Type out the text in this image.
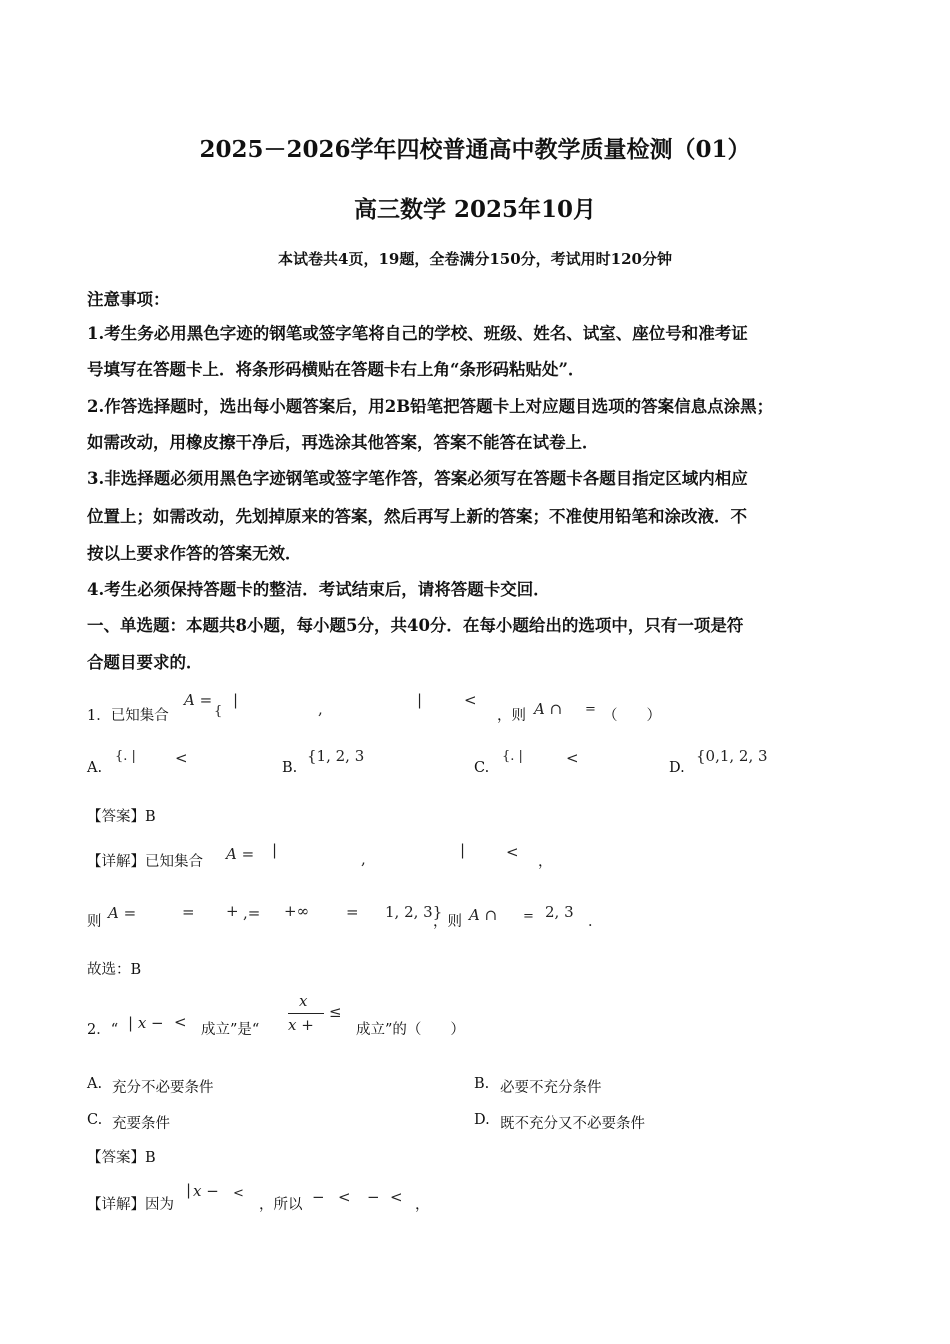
2025－2026学年四校普通高中教学质量检测（01）
高三数学 2025年10月
本试卷共4页，19题，全卷满分150分，考试用时120分钟
注意事项：
1.考生务必用黑色字迹的钢笔或签字笔将自己的学校、班级、姓名、试室、座位号和准考证
号填写在答题卡上．将条形码横贴在答题卡右上角“条形码粘贴处”．
2.作答选择题时，选出每小题答案后，用2B铅笔把答题卡上对应题目选项的答案信息点涂黑；
如需改动，用橡皮擦干净后，再选涂其他答案，答案不能答在试卷上．
3.非选择题必须用黑色字迹钢笔或签字笔作答，答案必须写在答题卡各题目指定区域内相应
位置上；如需改动，先划掉原来的答案，然后再写上新的答案；不准使用铅笔和涂改液．不
按以上要求作答的答案无效．
4.考生必须保持答题卡的整洁．考试结束后，请将答题卡交回．
一、单选题：本题共8小题，每小题5分，共40分．在每小题给出的选项中，只有一项是符
合题目要求的．
1．已知集合
A =
{
|	,	|	<
，则 A ∩ = （　　）
A.
{. |	<
B.
{1, 2, 3
C.
{. |	<
D.
{0,1, 2, 3
【答案】B
【详解】已知集合 A = |	,	|	<
，
则 A =	= + ,= +∞ = 1, 2, 3}
，则 A ∩ = 2, 3
．
故选：B
2．“ | x − < 成立”是“
x
x +
≤
成立”的（　　）
A. 充分不必要条件	B. 必要不充分条件
C. 充要条件	D. 既不充分又不必要条件
【答案】B
【详解】因为
| x − <
，所以 − < − < ，
